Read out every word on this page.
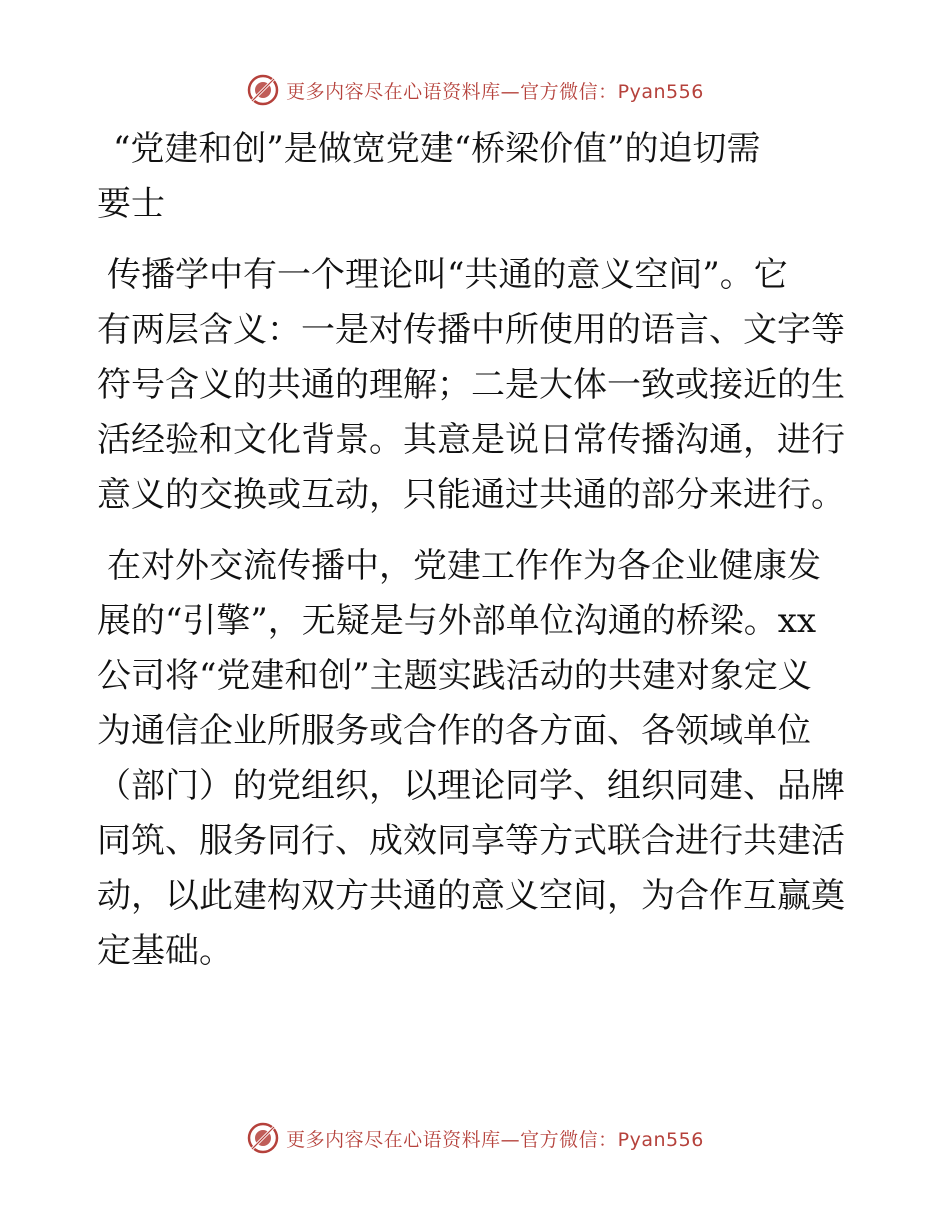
更多内容尽在心语资料库—官方微信：Pyan556
“党建和创”是做宽党建“桥梁价值”的迫切需
要士
传播学中有一个理论叫“共通的意义空间”。它
有两层含义：一是对传播中所使用的语言、文字等
符号含义的共通的理解；二是大体一致或接近的生
活经验和文化背景。其意是说日常传播沟通，进行
意义的交换或互动，只能通过共通的部分来进行。
在对外交流传播中，党建工作作为各企业健康发
展的“引擎”，无疑是与外部单位沟通的桥梁。xx
公司将“党建和创”主题实践活动的共建对象定义
为通信企业所服务或合作的各方面、各领域单位
（部门）的党组织，以理论同学、组织同建、品牌
同筑、服务同行、成效同享等方式联合进行共建活
动，以此建构双方共通的意义空间，为合作互赢奠
定基础。
更多内容尽在心语资料库—官方微信：Pyan556
